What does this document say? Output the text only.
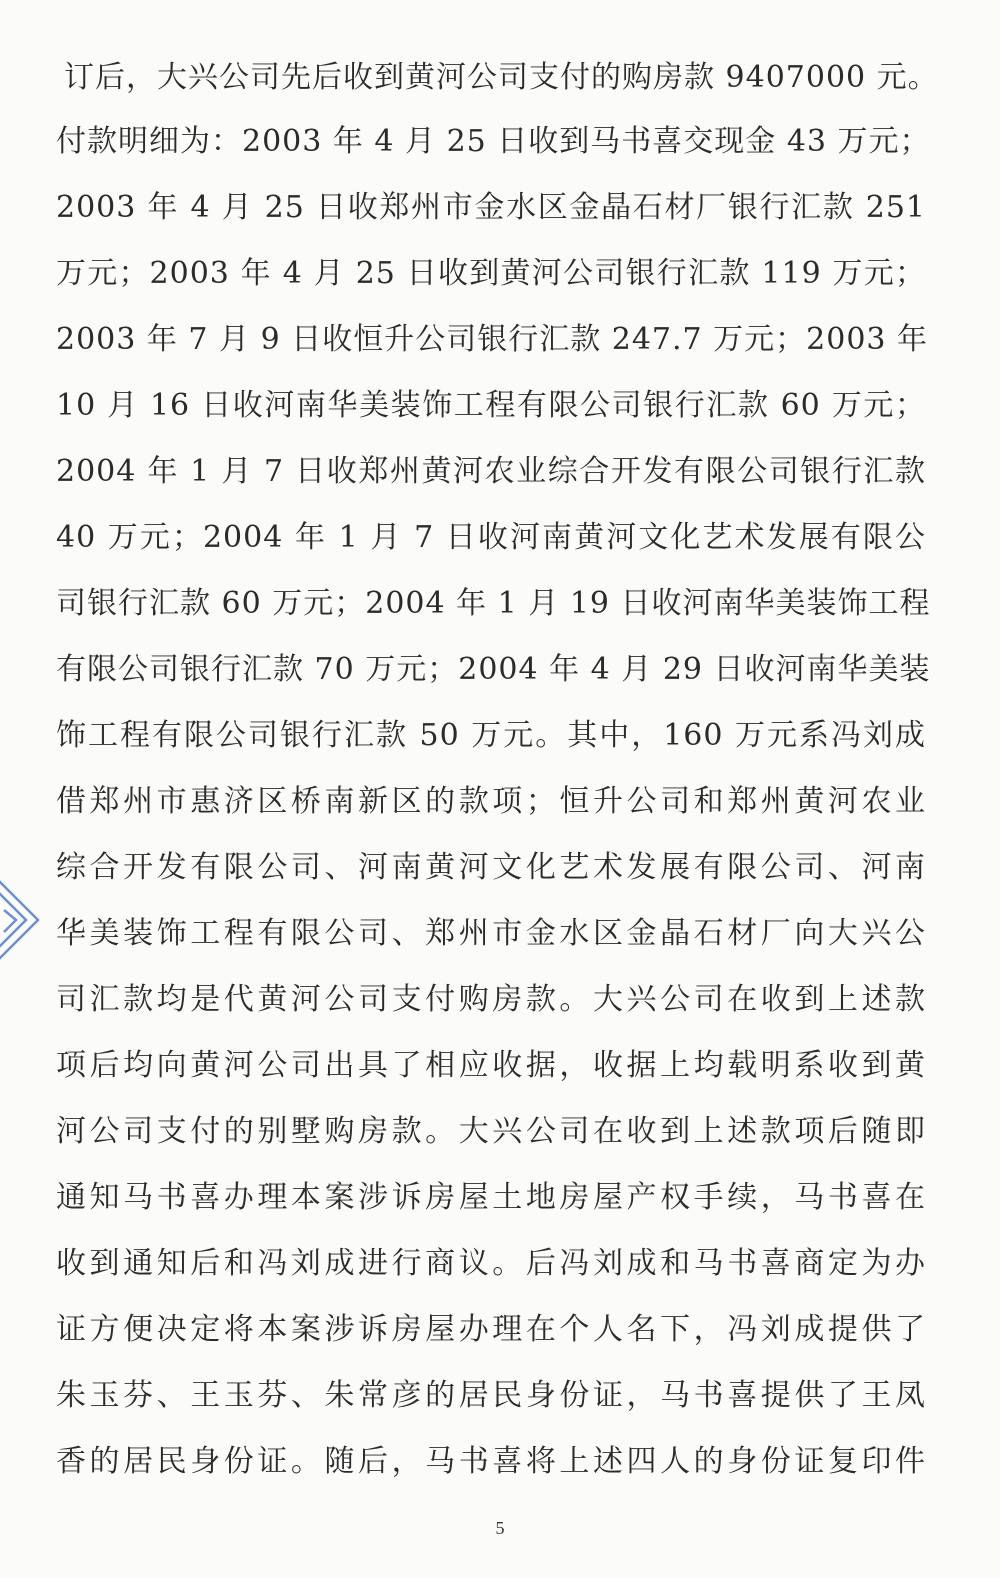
订后，大兴公司先后收到黄河公司支付的购房款 9407000 元。
付款明细为：2003 年 4 月 25 日收到马书喜交现金 43 万元；
2003 年 4 月 25 日收郑州市金水区金晶石材厂银行汇款 251
万元；2003 年 4 月 25 日收到黄河公司银行汇款 119 万元；
2003 年 7 月 9 日收恒升公司银行汇款 247.7 万元；2003 年
10 月 16 日收河南华美装饰工程有限公司银行汇款 60 万元；
2004 年 1 月 7 日收郑州黄河农业综合开发有限公司银行汇款
40 万元；2004 年 1 月 7 日收河南黄河文化艺术发展有限公
司银行汇款 60 万元；2004 年 1 月 19 日收河南华美装饰工程
有限公司银行汇款 70 万元；2004 年 4 月 29 日收河南华美装
饰工程有限公司银行汇款 50 万元。其中，160 万元系冯刘成
借郑州市惠济区桥南新区的款项；恒升公司和郑州黄河农业
综合开发有限公司、河南黄河文化艺术发展有限公司、河南
华美装饰工程有限公司、郑州市金水区金晶石材厂向大兴公
司汇款均是代黄河公司支付购房款。大兴公司在收到上述款
项后均向黄河公司出具了相应收据，收据上均载明系收到黄
河公司支付的别墅购房款。大兴公司在收到上述款项后随即
通知马书喜办理本案涉诉房屋土地房屋产权手续，马书喜在
收到通知后和冯刘成进行商议。后冯刘成和马书喜商定为办
证方便决定将本案涉诉房屋办理在个人名下，冯刘成提供了
朱玉芬、王玉芬、朱常彦的居民身份证，马书喜提供了王凤
香的居民身份证。随后，马书喜将上述四人的身份证复印件
5
